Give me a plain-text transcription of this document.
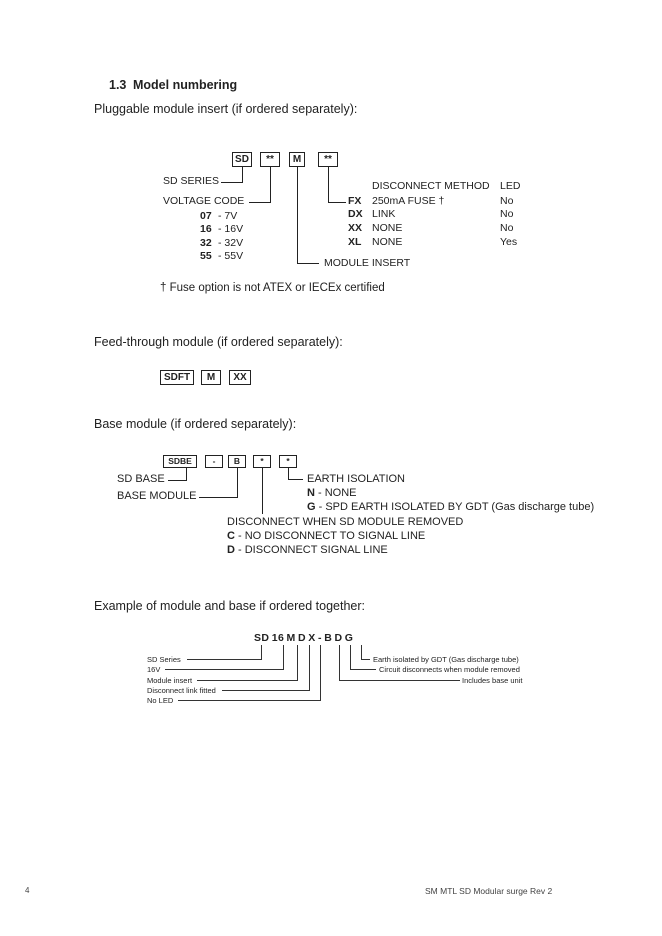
1.3 Model numbering
Pluggable module insert (if ordered separately):
SD	**	M	**
SD SERIES
VOLTAGE CODE
07 - 7V
16 - 16V
32 - 32V
55 - 55V
DISCONNECT METHOD LED
FX 250mA FUSE †	No
DX LINK	No
XX NONE	No
XL NONE	Yes
MODULE INSERT
† Fuse option is not ATEX or IECEx certified
Feed-through module (if ordered separately):
SDFT	M	XX
Base module (if ordered separately):
SDBE	-	B	*	*
SD BASE
BASE MODULE
EARTH ISOLATION
N - NONE
G - SPD EARTH ISOLATED BY GDT (Gas discharge tube)
DISCONNECT WHEN SD MODULE REMOVED
C - NO DISCONNECT TO SIGNAL LINE
D - DISCONNECT SIGNAL LINE
Example of module and base if ordered together:
SD 16 M D X - B D G
SD Series
16V
Module insert
Disconnect link fitted
No LED
Earth isolated by GDT (Gas discharge tube)
Circuit disconnects when module removed
Includes base unit
4	SM MTL SD Modular surge Rev 2
